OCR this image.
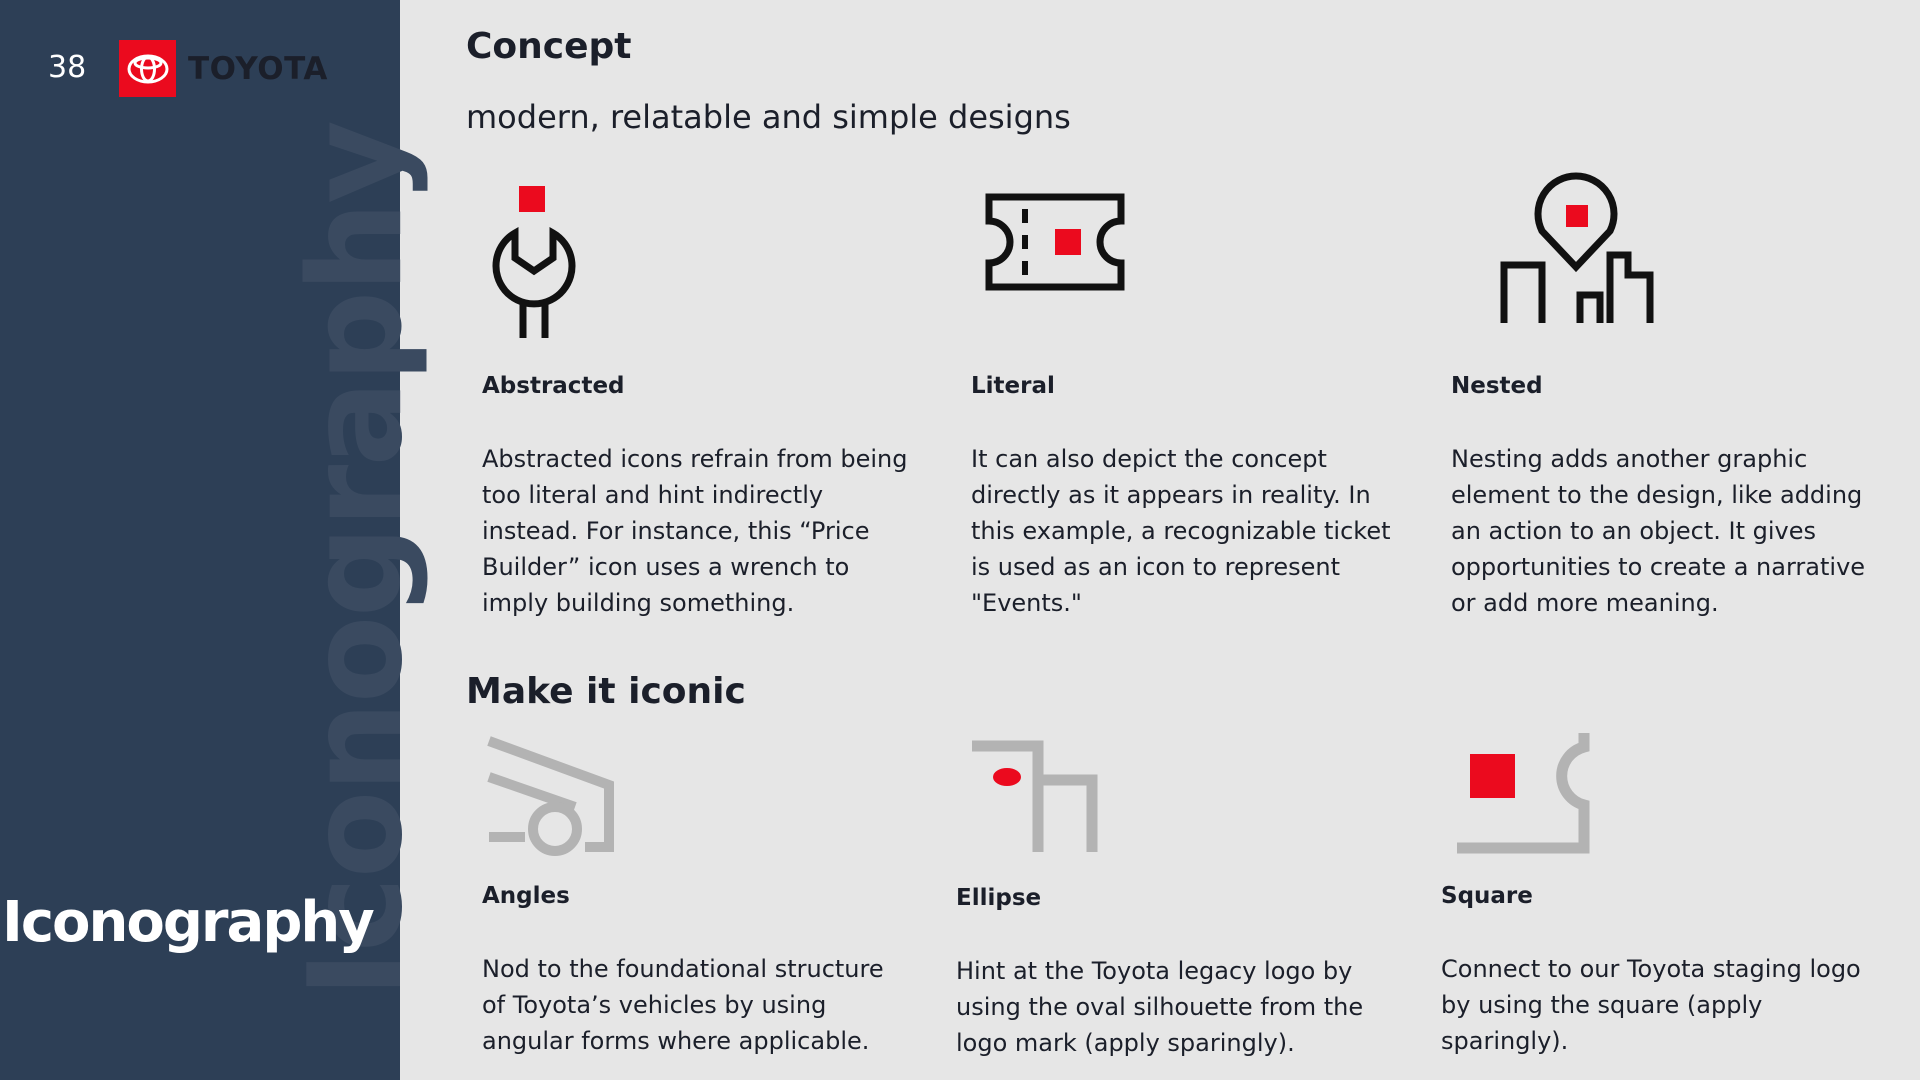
Iconography
38	TOYOTA
Iconography
Concept
modern, relatable and simple designs
Abstracted
Abstracted icons refrain from being too literal and hint indirectly instead. For instance, this “Price Builder” icon uses a wrench to imply building something.
Literal
It can also depict the concept directly as it appears in reality. In this example, a recognizable ticket is used as an icon to represent "Events."
Nested
Nesting adds another graphic element to the design, like adding an action to an object. It gives opportunities to create a narrative or add more meaning.
Make it iconic
Angles
Nod to the foundational structure of Toyota’s vehicles by using angular forms where applicable.
Ellipse
Hint at the Toyota legacy logo by using the oval silhouette from the logo mark (apply sparingly).
Square
Connect to our Toyota staging logo by using the square (apply sparingly).
